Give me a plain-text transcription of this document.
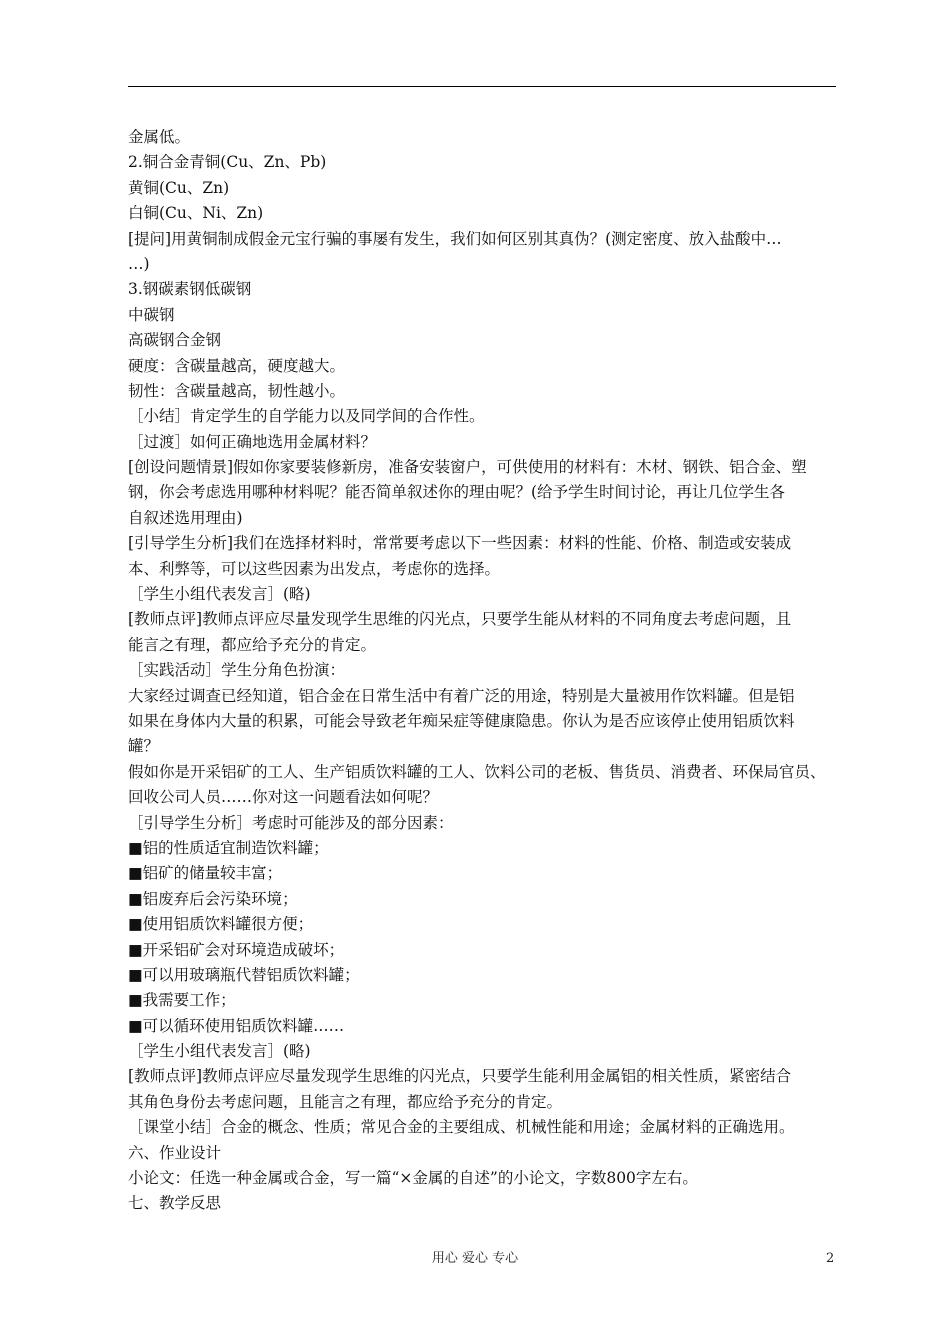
金属低。
2.铜合金青铜(Cu、Zn、Pb)
黄铜(Cu、Zn)
白铜(Cu、Ni、Zn)
[提问]用黄铜制成假金元宝行骗的事屡有发生，我们如何区别其真伪？(测定密度、放入盐酸中…
…)
3.钢碳素钢低碳钢
中碳钢
高碳钢合金钢
硬度：含碳量越高，硬度越大。
韧性：含碳量越高，韧性越小。
［小结］肯定学生的自学能力以及同学间的合作性。
［过渡］如何正确地选用金属材料？
[创设问题情景]假如你家要装修新房，准备安装窗户，可供使用的材料有：木材、钢铁、铝合金、塑
钢，你会考虑选用哪种材料呢？能否简单叙述你的理由呢？(给予学生时间讨论，再让几位学生各
自叙述选用理由)
[引导学生分析]我们在选择材料时，常常要考虑以下一些因素：材料的性能、价格、制造或安装成
本、利弊等，可以这些因素为出发点，考虑你的选择。
［学生小组代表发言］(略)
[教师点评]教师点评应尽量发现学生思维的闪光点，只要学生能从材料的不同角度去考虑问题，且
能言之有理，都应给予充分的肯定。
［实践活动］学生分角色扮演：
大家经过调查已经知道，铝合金在日常生活中有着广泛的用途，特别是大量被用作饮料罐。但是铝
如果在身体内大量的积累，可能会导致老年痴呆症等健康隐患。你认为是否应该停止使用铝质饮料
罐？
假如你是开采铝矿的工人、生产铝质饮料罐的工人、饮料公司的老板、售货员、消费者、环保局官员、
回收公司人员……你对这一问题看法如何呢？
［引导学生分析］考虑时可能涉及的部分因素：
■铝的性质适宜制造饮料罐；
■铝矿的储量较丰富；
■铝废弃后会污染环境；
■使用铝质饮料罐很方便；
■开采铝矿会对环境造成破坏；
■可以用玻璃瓶代替铝质饮料罐；
■我需要工作；
■可以循环使用铝质饮料罐……
［学生小组代表发言］(略)
[教师点评]教师点评应尽量发现学生思维的闪光点，只要学生能利用金属铝的相关性质，紧密结合
其角色身份去考虑问题，且能言之有理，都应给予充分的肯定。
［课堂小结］合金的概念、性质；常见合金的主要组成、机械性能和用途；金属材料的正确选用。
六、作业设计
小论文：任选一种金属或合金，写一篇“×金属的自述”的小论文，字数800字左右。
七、教学反思
用心 爱心 专心	2
